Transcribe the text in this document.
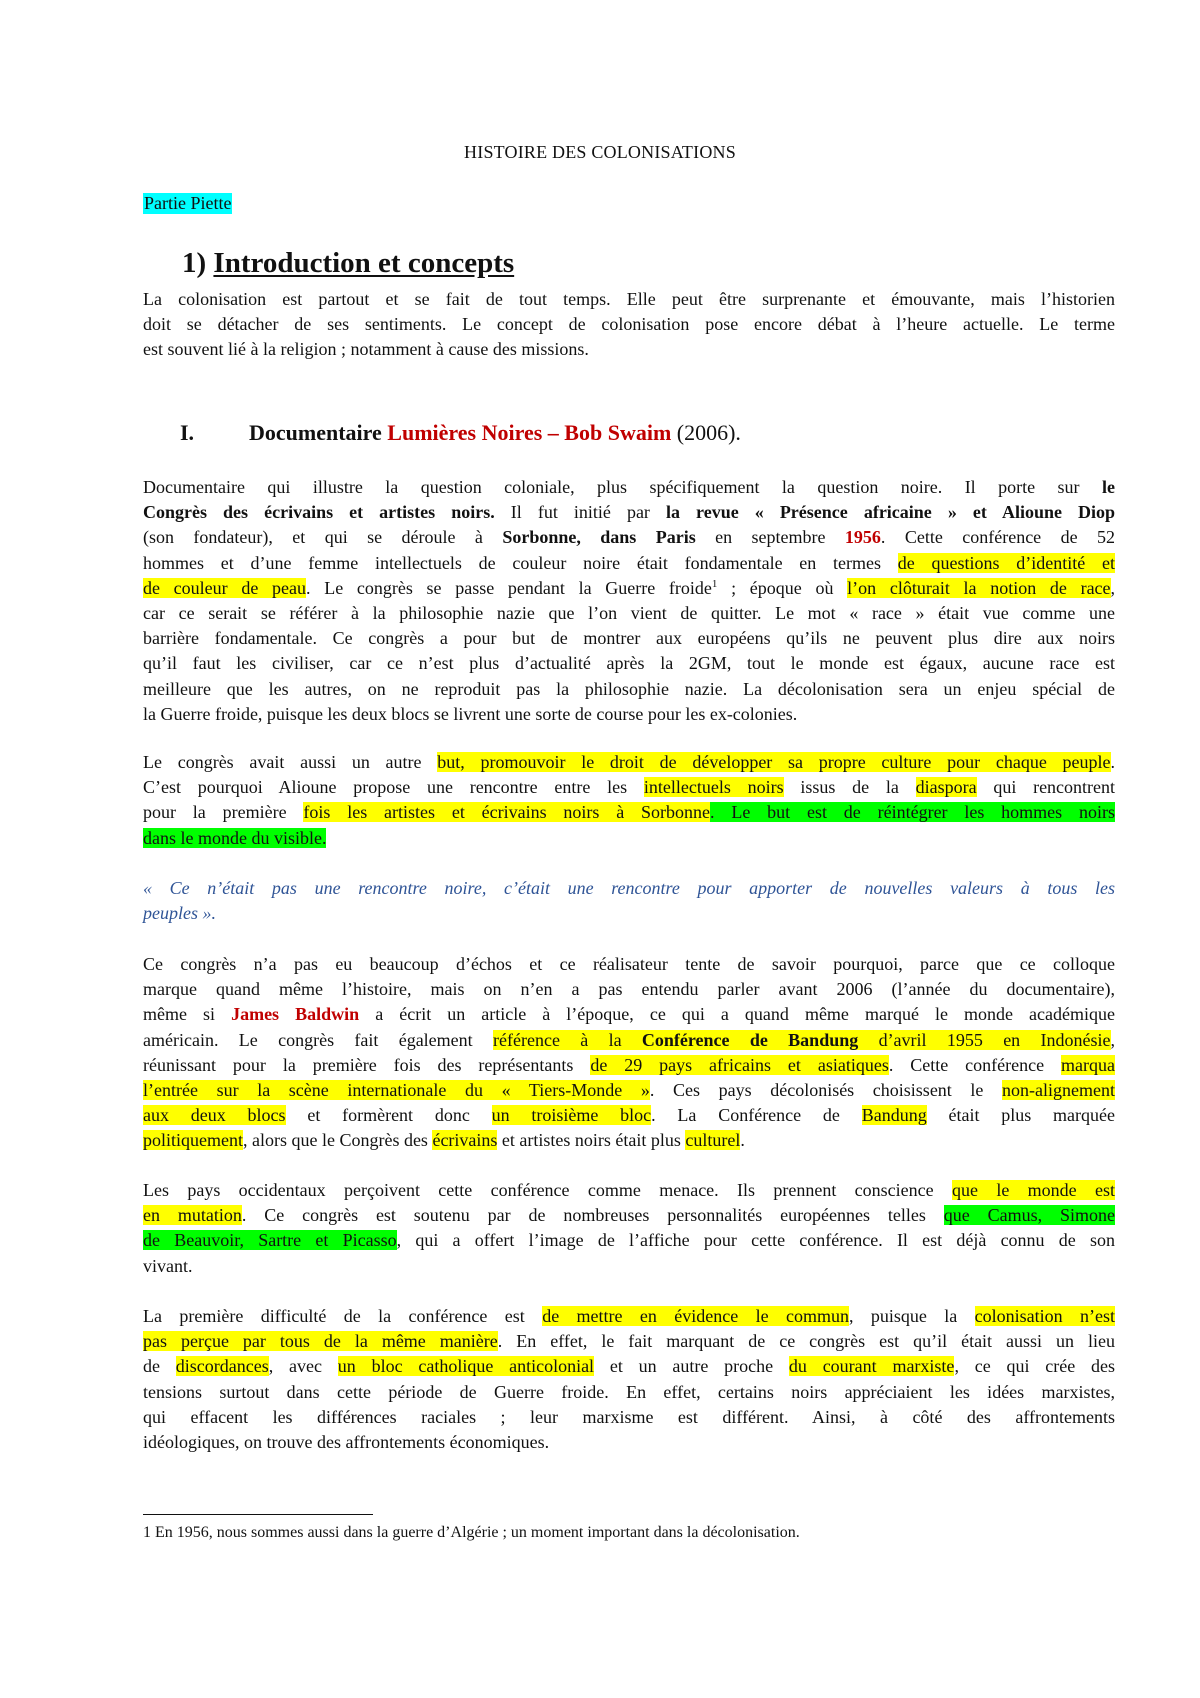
HISTOIRE DES COLONISATIONS
Partie Piette
1) Introduction et concepts
La colonisation est partout et se fait de tout temps. Elle peut être surprenante et émouvante, mais l’historien
doit se détacher de ses sentiments. Le concept de colonisation pose encore débat à l’heure actuelle. Le terme
est souvent lié à la religion ; notamment à cause des missions.
I. Documentaire Lumières Noires – Bob Swaim (2006).
Documentaire qui illustre la question coloniale, plus spécifiquement la question noire. Il porte sur le
Congrès des écrivains et artistes noirs. Il fut initié par la revue « Présence africaine » et Alioune Diop
(son fondateur), et qui se déroule à Sorbonne, dans Paris en septembre 1956. Cette conférence de 52
hommes et d’une femme intellectuels de couleur noire était fondamentale en termes de questions d’identité et
de couleur de peau. Le congrès se passe pendant la Guerre froide$^1$ ; époque où l’on clôturait la notion de race,
car ce serait se référer à la philosophie nazie que l’on vient de quitter. Le mot « race » était vue comme une
barrière fondamentale. Ce congrès a pour but de montrer aux européens qu’ils ne peuvent plus dire aux noirs
qu’il faut les civiliser, car ce n’est plus d’actualité après la 2GM, tout le monde est égaux, aucune race est
meilleure que les autres, on ne reproduit pas la philosophie nazie. La décolonisation sera un enjeu spécial de
la Guerre froide, puisque les deux blocs se livrent une sorte de course pour les ex-colonies.
Le congrès avait aussi un autre but, promouvoir le droit de développer sa propre culture pour chaque peuple.
C’est pourquoi Alioune propose une rencontre entre les intellectuels noirs issus de la diaspora qui rencontrent
pour la première fois les artistes et écrivains noirs à Sorbonne. Le but est de réintégrer les hommes noirs
dans le monde du visible.
« Ce n’était pas une rencontre noire, c’était une rencontre pour apporter de nouvelles valeurs à tous les
peuples ».
Ce congrès n’a pas eu beaucoup d’échos et ce réalisateur tente de savoir pourquoi, parce que ce colloque
marque quand même l’histoire, mais on n’en a pas entendu parler avant 2006 (l’année du documentaire),
même si James Baldwin a écrit un article à l’époque, ce qui a quand même marqué le monde académique
américain. Le congrès fait également référence à la Conférence de Bandung d’avril 1955 en Indonésie,
réunissant pour la première fois des représentants de 29 pays africains et asiatiques. Cette conférence marqua
l’entrée sur la scène internationale du « Tiers-Monde ». Ces pays décolonisés choisissent le non-alignement
aux deux blocs et formèrent donc un troisième bloc. La Conférence de Bandung était plus marquée
politiquement, alors que le Congrès des écrivains et artistes noirs était plus culturel.
Les pays occidentaux perçoivent cette conférence comme menace. Ils prennent conscience que le monde est
en mutation. Ce congrès est soutenu par de nombreuses personnalités européennes telles que Camus, Simone
de Beauvoir, Sartre et Picasso, qui a offert l’image de l’affiche pour cette conférence. Il est déjà connu de son
vivant.
La première difficulté de la conférence est de mettre en évidence le commun, puisque la colonisation n’est
pas perçue par tous de la même manière. En effet, le fait marquant de ce congrès est qu’il était aussi un lieu
de discordances, avec un bloc catholique anticolonial et un autre proche du courant marxiste, ce qui crée des
tensions surtout dans cette période de Guerre froide. En effet, certains noirs appréciaient les idées marxistes,
qui effacent les différences raciales ; leur marxisme est différent. Ainsi, à côté des affrontements
idéologiques, on trouve des affrontements économiques.
1 En 1956, nous sommes aussi dans la guerre d’Algérie ; un moment important dans la décolonisation.
